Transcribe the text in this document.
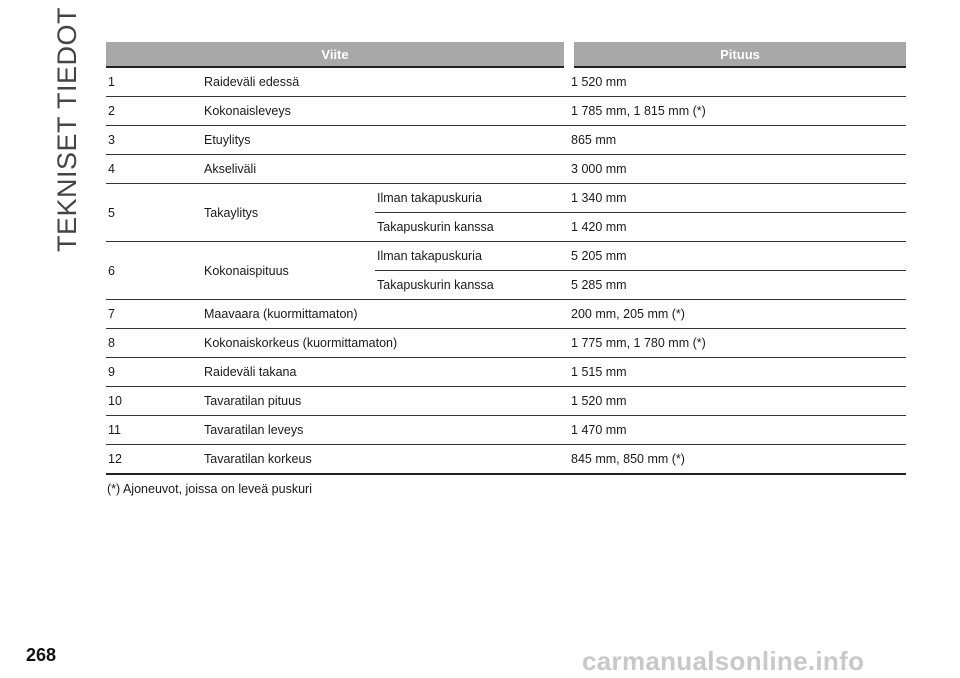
TEKNISET TIEDOT	Viite			Pituus
1	Raideväli edessä		1 520 mm
2	Kokonaisleveys		1 785 mm, 1 815 mm (*)
3	Etuylitys		865 mm
4	Akseliväli		3 000 mm
5	Takaylitys	Ilman takapuskuria	1 340 mm
		Takapuskurin kanssa	1 420 mm
6	Kokonaispituus	Ilman takapuskuria	5 205 mm
		Takapuskurin kanssa	5 285 mm
7	Maavaara (kuormittamaton)		200 mm, 205 mm (*)
8	Kokonaiskorkeus (kuormittamaton)		1 775 mm, 1 780 mm (*)
9	Raideväli takana		1 515 mm
10	Tavaratilan pituus		1 520 mm
11	Tavaratilan leveys		1 470 mm
12	Tavaratilan korkeus		845 mm, 850 mm (*)
(*) Ajoneuvot, joissa on leveä puskuri
268	carmanualsonline.info
